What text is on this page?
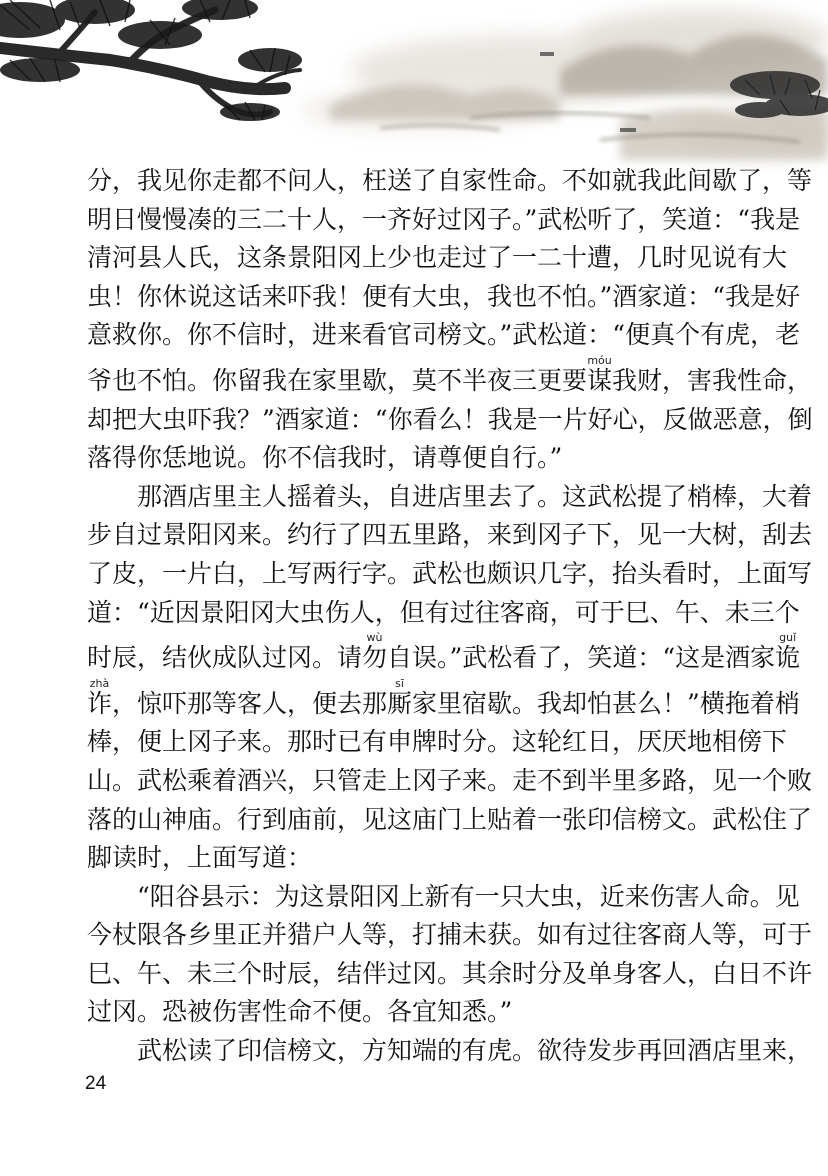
分，我见你走都不问人，枉送了自家性命。不如就我此间歇了，等
明日慢慢凑的三二十人，一齐好过冈子。”武松听了，笑道：“我是
清河县人氏，这条景阳冈上少也走过了一二十遭，几时见说有大
虫！你休说这话来吓我！便有大虫，我也不怕。”酒家道：“我是好
意救你。你不信时，进来看官司榜文。”武松道：“便真个有虎，老
爷也不怕。你留我在家里歇，莫不半夜三更要谋móu我财，害我性命，
却把大虫吓我？”酒家道：“你看么！我是一片好心，反做恶意，倒
落得你恁地说。你不信我时，请尊便自行。”
　　那酒店里主人摇着头，自进店里去了。这武松提了梢棒，大着
步自过景阳冈来。约行了四五里路，来到冈子下，见一大树，刮去
了皮，一片白，上写两行字。武松也颇识几字，抬头看时，上面写
道：“近因景阳冈大虫伤人，但有过往客商，可于巳、午、未三个
时辰，结伙成队过冈。请勿wù自误。”武松看了，笑道：“这是酒家诡guǐ
诈zhà，惊吓那等客人，便去那厮sī家里宿歇。我却怕甚么！”横拖着梢
棒，便上冈子来。那时已有申牌时分。这轮红日，厌厌地相傍下
山。武松乘着酒兴，只管走上冈子来。走不到半里多路，见一个败
落的山神庙。行到庙前，见这庙门上贴着一张印信榜文。武松住了
脚读时，上面写道：
　　“阳谷县示：为这景阳冈上新有一只大虫，近来伤害人命。见
今杖限各乡里正并猎户人等，打捕未获。如有过往客商人等，可于
巳、午、未三个时辰，结伴过冈。其余时分及单身客人，白日不许
过冈。恐被伤害性命不便。各宜知悉。”
　　武松读了印信榜文，方知端的有虎。欲待发步再回酒店里来，
24
